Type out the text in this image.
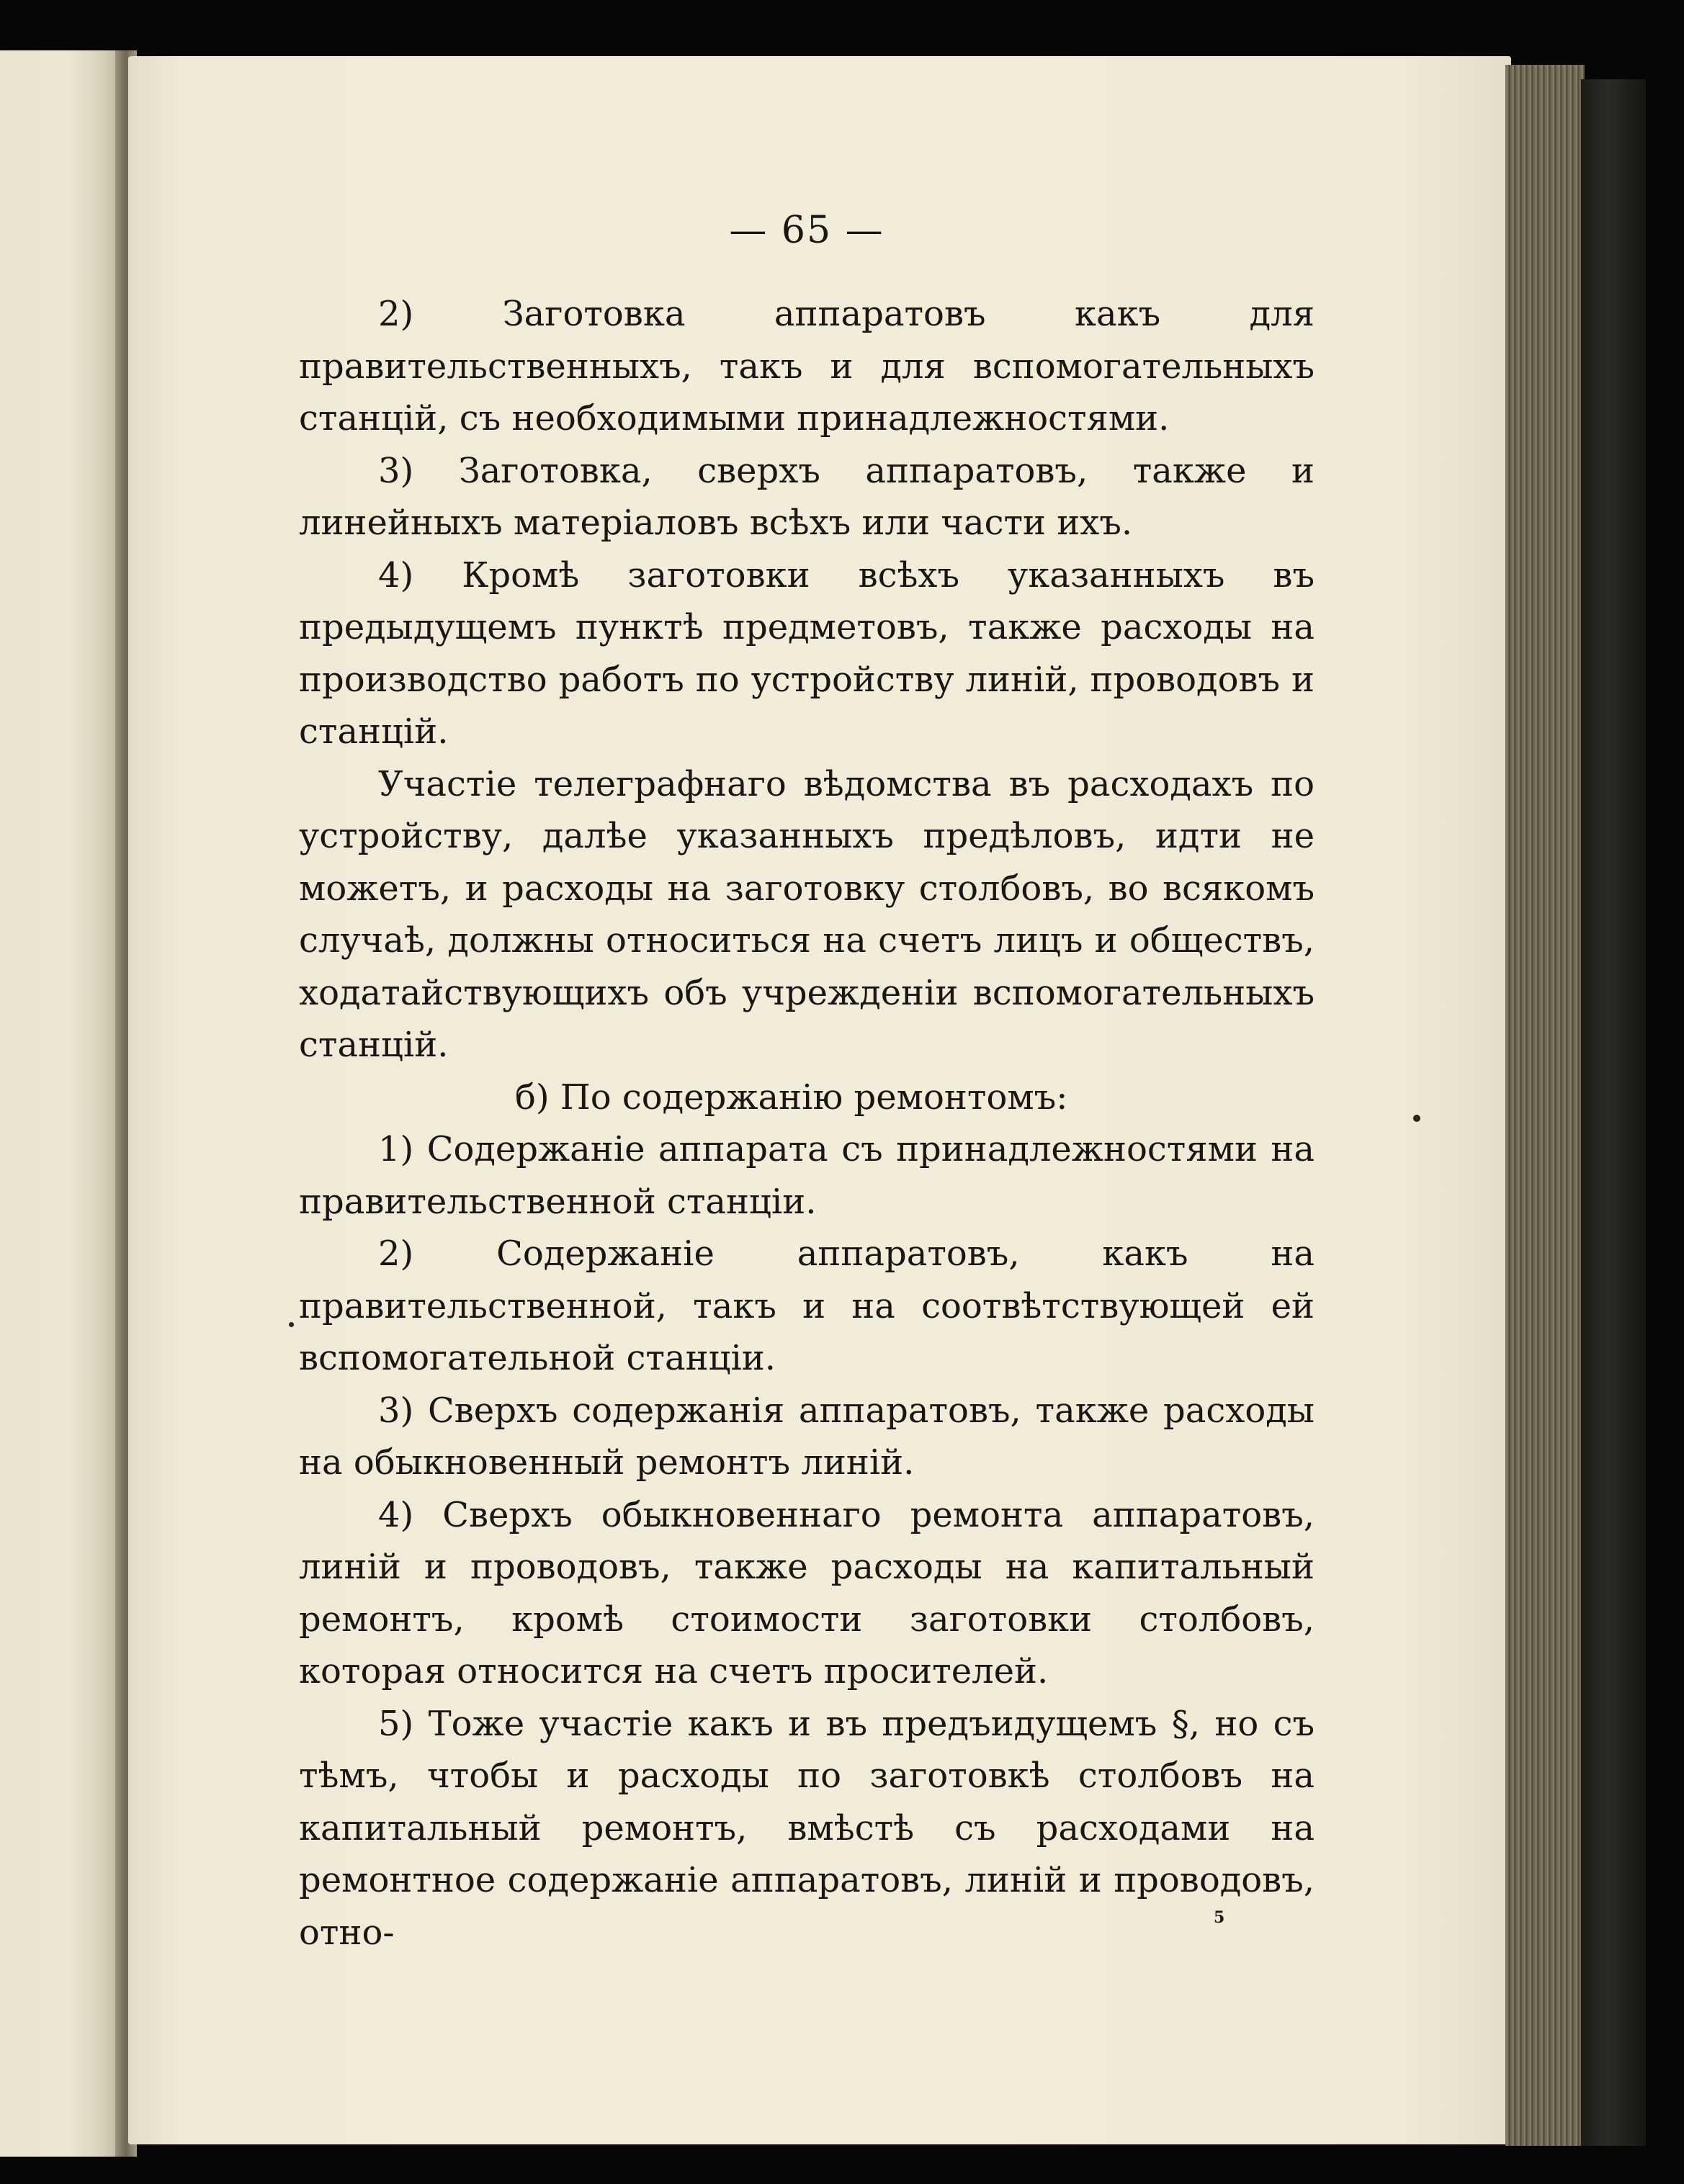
— 65 —

2) Заготовка аппаратовъ какъ для правительственныхъ, такъ и для вспомогательныхъ станцій, съ необходимыми принадлежностями.

3) Заготовка, сверхъ аппаратовъ, также и линейныхъ матеріаловъ всѣхъ или части ихъ.

4) Кромѣ заготовки всѣхъ указанныхъ въ предыдущемъ пунктѣ предметовъ, также расходы на производство работъ по устройству линій, проводовъ и станцій.

Участіе телеграфнаго вѣдомства въ расходахъ по устройству, далѣе указанныхъ предѣловъ, идти не можетъ, и расходы на заготовку столбовъ, во всякомъ случаѣ, должны относиться на счетъ лицъ и обществъ, ходатайствующихъ объ учрежденіи вспомогательныхъ станцій.

б) По содержанію ремонтомъ:

1) Содержаніе аппарата съ принадлежностями на правительственной станціи.

2) Содержаніе аппаратовъ, какъ на правительственной, такъ и на соотвѣтствующей ей вспомогательной станціи.

3) Сверхъ содержанія аппаратовъ, также расходы на обыкновенный ремонтъ линій.

4) Сверхъ обыкновеннаго ремонта аппаратовъ, линій и проводовъ, также расходы на капитальный ремонтъ, кромѣ стоимости заготовки столбовъ, которая относится на счетъ просителей.

5) Тоже участіе какъ и въ предъидущемъ §, но съ тѣмъ, чтобы и расходы по заготовкѣ столбовъ на капитальный ремонтъ, вмѣстѣ съ расходами на ремонтное содержаніе аппаратовъ, линій и проводовъ, отно-	5
